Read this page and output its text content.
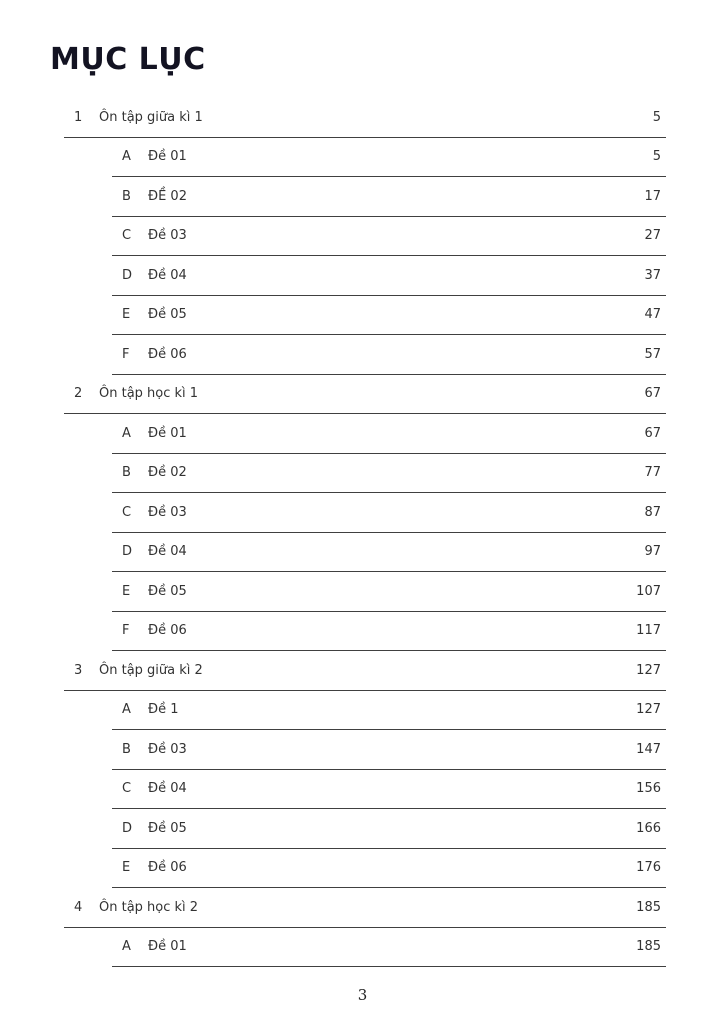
MỤC LỤC
1	Ôn tập giữa kì 1	5
A	Đề 01	5
B	ĐỀ 02	17
C	Đề 03	27
D	Đề 04	37
E	Đề 05	47
F	Đề 06	57
2	Ôn tập học kì 1	67
A	Đề 01	67
B	Đề 02	77
C	Đề 03	87
D	Đề 04	97
E	Đề 05	107
F	Đề 06	117
3	Ôn tập giữa kì 2	127
A	Đề 1	127
B	Đề 03	147
C	Đề 04	156
D	Đề 05	166
E	Đề 06	176
4	Ôn tập học kì 2	185
A	Đề 01	185
3
